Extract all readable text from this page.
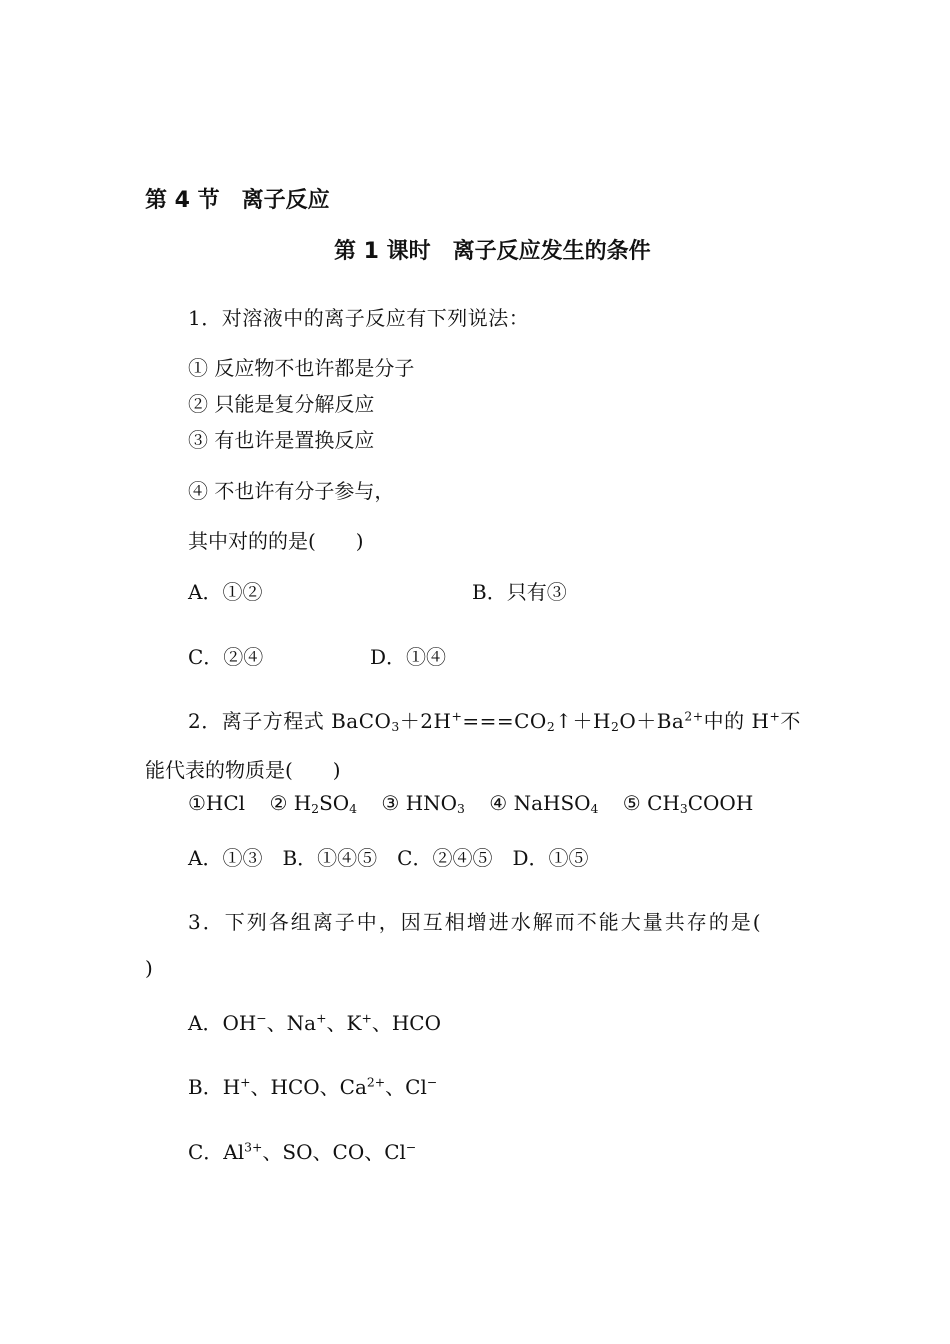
第 4 节　离子反应
第 1 课时　离子反应发生的条件
1．对溶液中的离子反应有下列说法：
① 反应物不也许都是分子
② 只能是复分解反应
③ 有也许是置换反应
④ 不也许有分子参与，
其中对的的是(　　)
A．①②	B．只有③
C．②④	D．①④
2．离子方程式 $BaCO_3+2H^+===CO_2↑+H_2O+Ba^{2+}$中的 H+不
能代表的物质是(　　)
①HCl ② $H_2SO_4$ ③ $HNO_3$ ④ NaHSO$_4$ ⑤ $CH_3COOH$
A．①③　B．①④⑤　C．②④⑤　D．①⑤
3．下列各组离子中，因互相增进水解而不能大量共存的是(
)
A．OH−、Na+、K+、HCO
B．H+、HCO、$Ca^{2+}$、Cl−
C．$Al^{3+}$、SO、CO、Cl−
